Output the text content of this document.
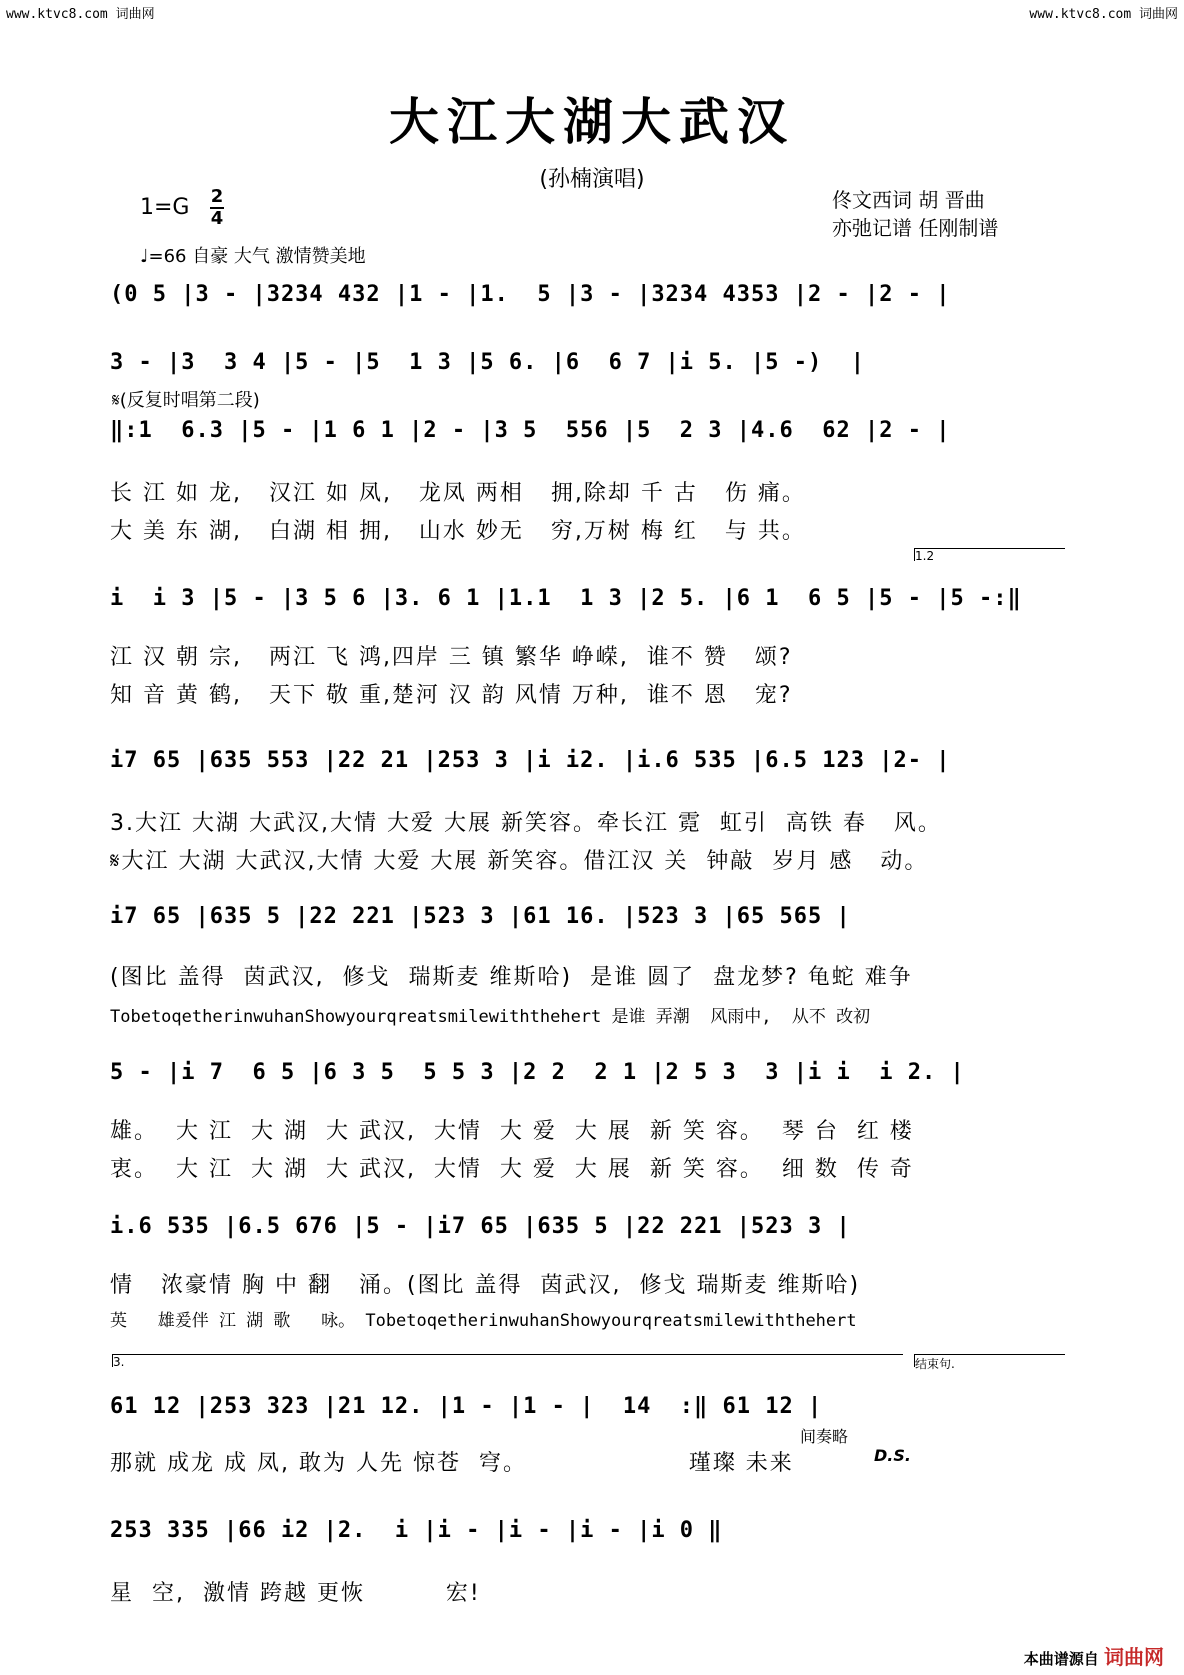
www.ktvc8.com 词曲网	www.ktvc8.com 词曲网
大江大湖大武汉
(孙楠演唱)
佟文西词 胡 晋曲
亦弛记谱 任刚制谱
1=G 2
4
♩=66 自豪 大气 激情赞美地
(0 5 |3 - |3234 432 |1 - |1.  5 |3 - |3234 4353 |2 - |2 - |
3 - |3  3 4 |5 - |5  1 3 |5 6. |6  6 7 |i 5. |5 -)  |
𝄋(反复时唱第二段)
‖:1  6.3 |5 - |1 6 1 |2 - |3 5  556 |5  2 3 |4.6  62 |2 - |
长 江 如 龙,   汉江 如 凤,   龙凤 两相   拥,除却 千 古   伤 痛。
大 美 东 湖,   白湖 相 拥,   山水 妙无   穷,万树 梅 红   与 共。
1.2
i  i 3 |5 - |3 5 6 |3. 6 1 |1.1  1 3 |2 5. |6 1  6 5 |5 - |5 -:‖
江 汉 朝 宗,   两江 飞 鸿,四岸 三 镇 繁华 峥嵘,  谁不 赞   颂?
知 音 黄 鹤,   天下 敬 重,楚河 汉 韵 风情 万种,  谁不 恩   宠?
i7 65 |635 553 |22 21 |253 3 |i i2. |i.6 535 |6.5 123 |2- |
3.大江 大湖 大武汉,大情 大爱 大展 新笑容。牵长江 霓  虹引  高铁 春   风。
𝄋大江 大湖 大武汉,大情 大爱 大展 新笑容。借江汉 关  钟敲  岁月 感   动。
i7 65 |635 5 |22 221 |523 3 |61 16. |523 3 |65 565 |
(图比 盖得  茵武汉,  修戈  瑞斯麦 维斯哈)  是谁 圆了  盘龙梦? 龟蛇 难争
TobetoqetherinwuhanShowyourqreatsmilewiththehert 是谁 弄潮  风雨中,  从不 改初
5 - |i 7  6 5 |6 3 5  5 5 3 |2 2  2 1 |2 5 3  3 |i i  i 2. |
雄。  大 江  大 湖  大 武汉,  大情  大 爱  大 展  新 笑 容。  琴 台  红 楼
衷。  大 江  大 湖  大 武汉,  大情  大 爱  大 展  新 笑 容。  细 数  传 奇
i.6 535 |6.5 676 |5 - |i7 65 |635 5 |22 221 |523 3 |
情   浓豪情 胸 中 翻   涌。(图比 盖得  茵武汉,  修戈 瑞斯麦 维斯哈)
英   雄爰伴 江 湖 歌   咏。 TobetoqetherinwuhanShowyourqreatsmilewiththehert
3.	结束句.
61 12 |253 323 |21 12. |1 - |1 - |  14  :‖ 61 12 |
间奏略
那就 成龙 成 凤, 敢为 人先 惊苍  穹。                  瑾璨 未来	D.S.
253 335 |66 i2 |2.  i |i - |i - |i - |i 0 ‖
星  空,  激情 跨越 更恢         宏!
本曲谱源自 词曲网
